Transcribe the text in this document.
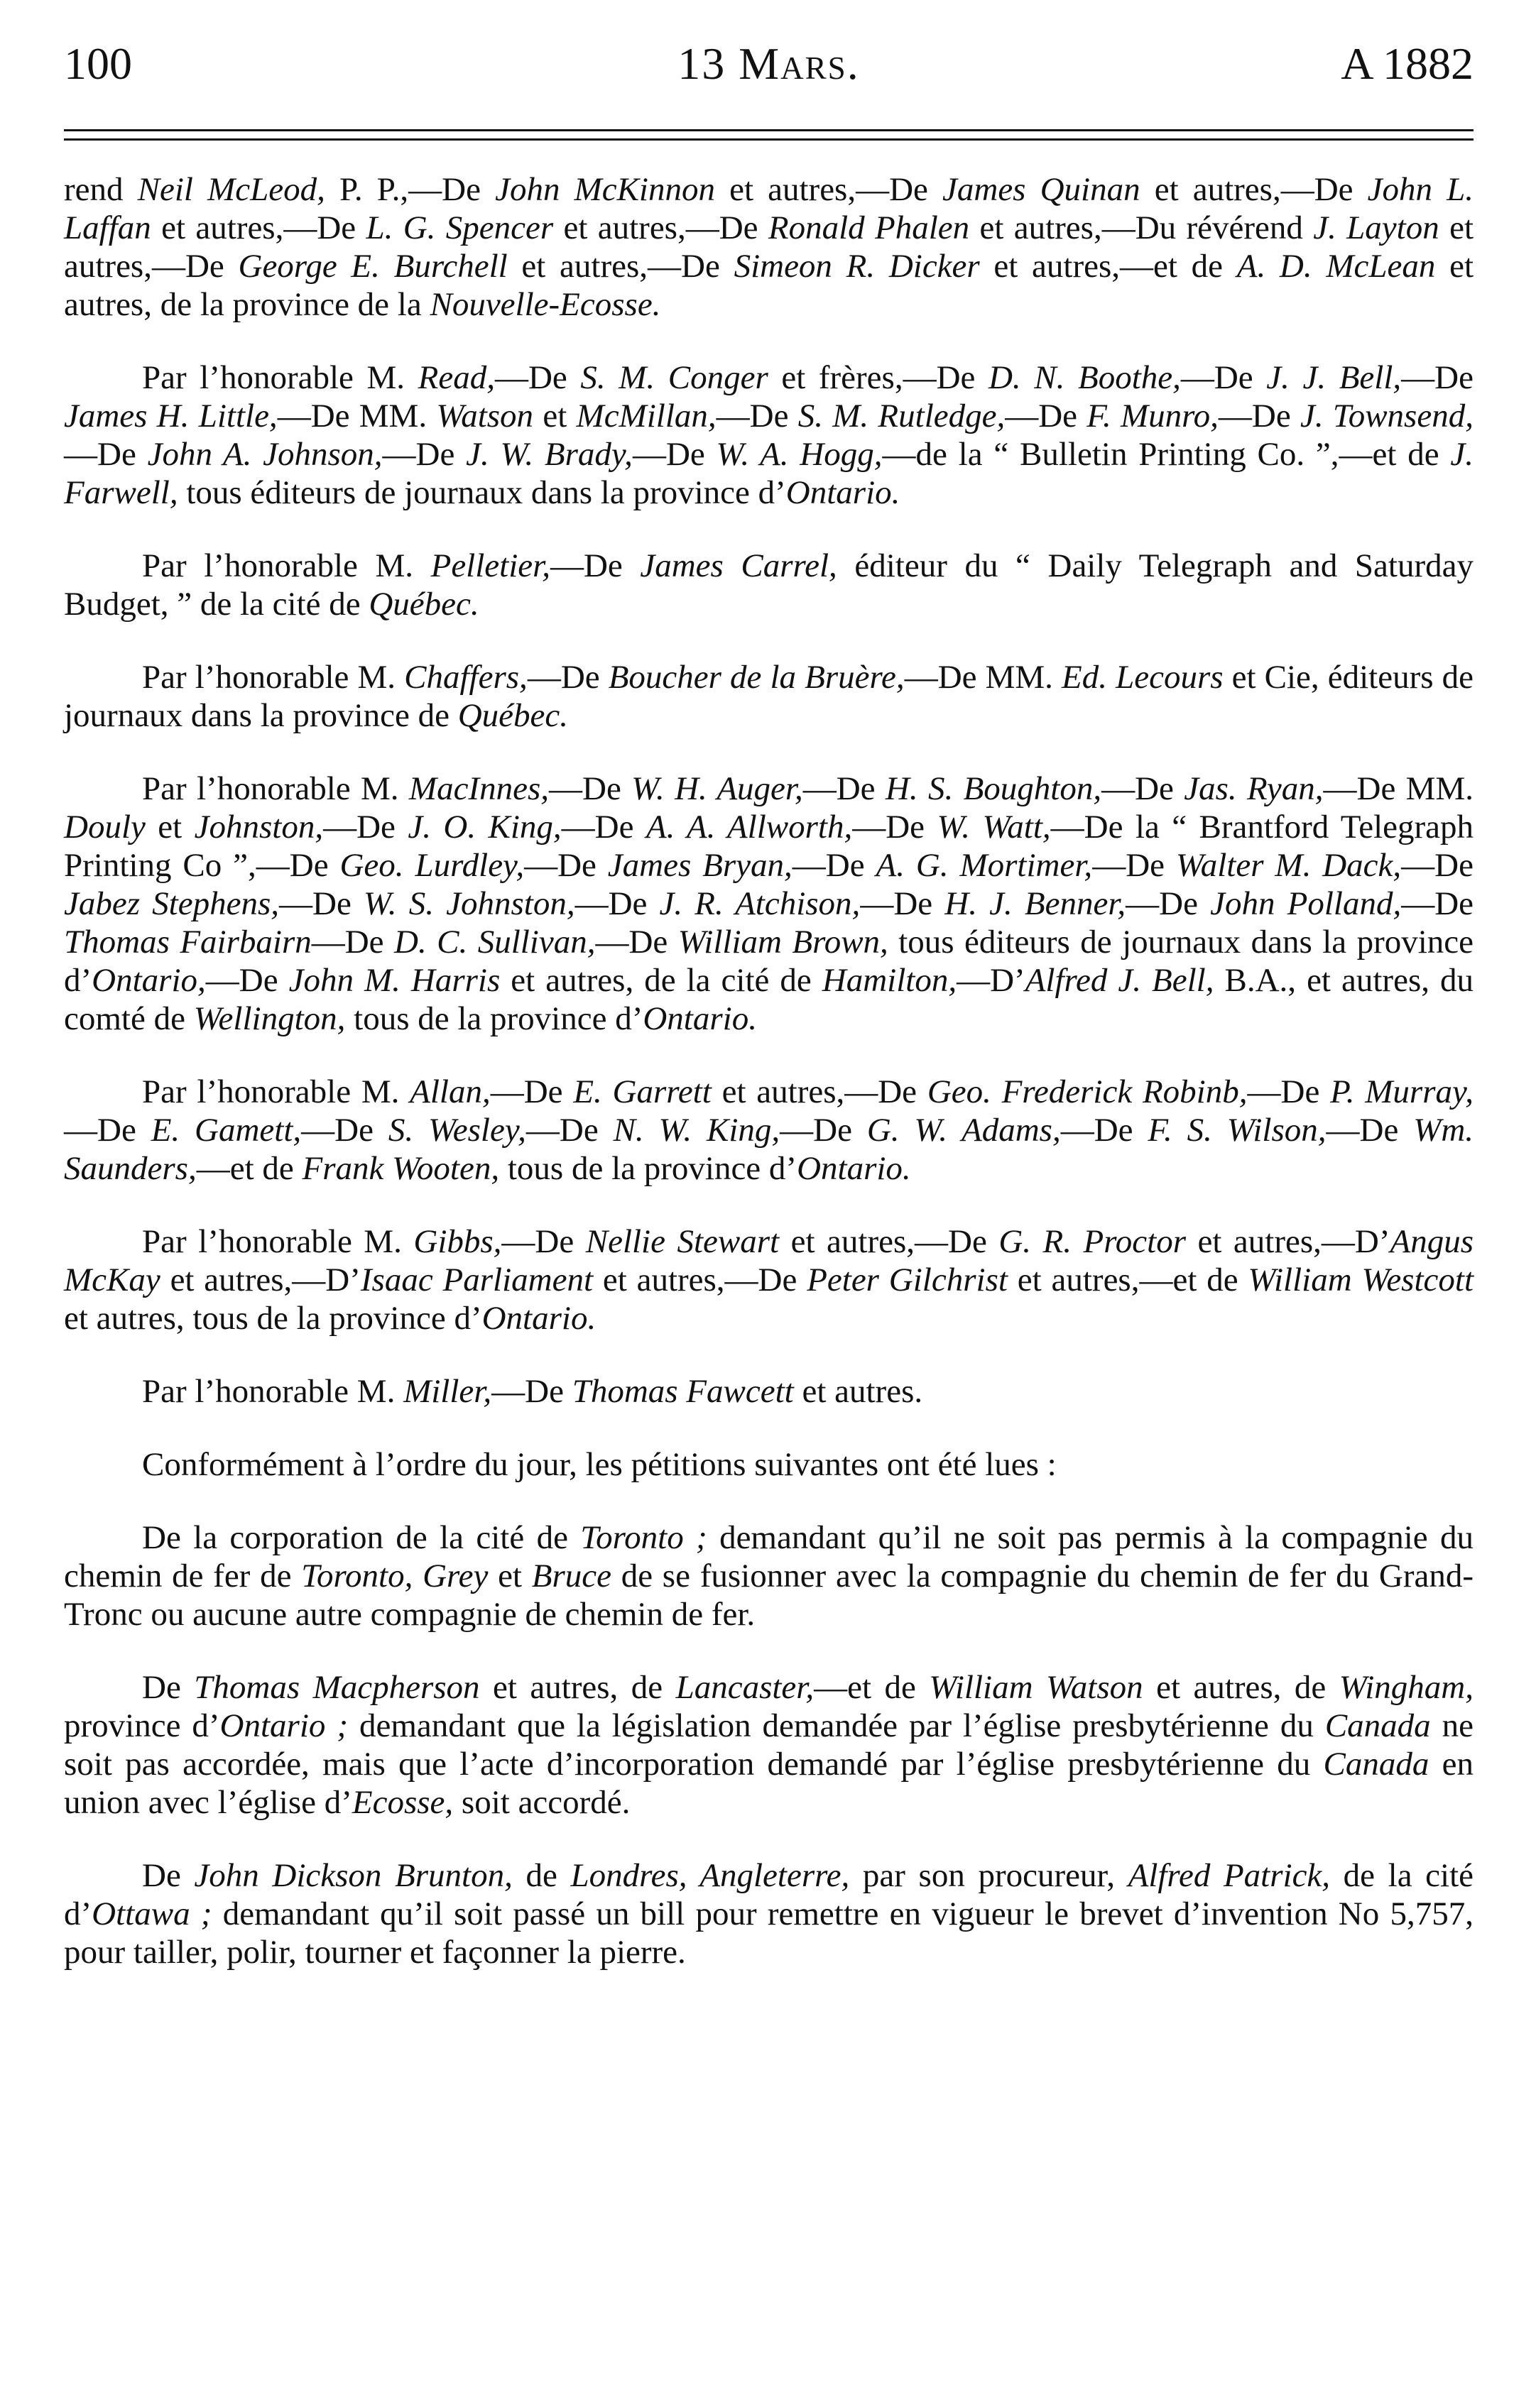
100	13 Mars.	A 1882

rend Neil McLeod, P. P.,—De John McKinnon et autres,—De James Quinan et autres,—De John L. Laffan et autres,—De L. G. Spencer et autres,—De Ronald Phalen et autres,—Du révérend J. Layton et autres,—De George E. Burchell et autres,—De Simeon R. Dicker et autres,—et de A. D. McLean et autres, de la province de la Nouvelle-Ecosse.

Par l’honorable M. Read,—De S. M. Conger et frères,—De D. N. Boothe,—De J. J. Bell,—De James H. Little,—De MM. Watson et McMillan,—De S. M. Rutledge,—De F. Munro,—De J. Townsend,—De John A. Johnson,—De J. W. Brady,—De W. A. Hogg,—de la “ Bulletin Printing Co. ”,—et de J. Farwell, tous éditeurs de journaux dans la province d’Ontario.

Par l’honorable M. Pelletier,—De James Carrel, éditeur du “ Daily Telegraph and Saturday Budget, ” de la cité de Québec.

Par l’honorable M. Chaffers,—De Boucher de la Bruère,—De MM. Ed. Lecours et Cie, éditeurs de journaux dans la province de Québec.

Par l’honorable M. MacInnes,—De W. H. Auger,—De H. S. Boughton,—De Jas. Ryan,—De MM. Douly et Johnston,—De J. O. King,—De A. A. Allworth,—De W. Watt,—De la “ Brantford Telegraph Printing Co ”,—De Geo. Lurdley,—De James Bryan,—De A. G. Mortimer,—De Walter M. Dack,—De Jabez Stephens,—De W. S. Johnston,—De J. R. Atchison,—De H. J. Benner,—De John Polland,—De Thomas Fairbairn—De D. C. Sullivan,—De William Brown, tous éditeurs de journaux dans la province d’Ontario,—De John M. Harris et autres, de la cité de Hamilton,—D’Alfred J. Bell, B.A., et autres, du comté de Wellington, tous de la province d’Ontario.

Par l’honorable M. Allan,—De E. Garrett et autres,—De Geo. Frederick Robinb,—De P. Murray,—De E. Gamett,—De S. Wesley,—De N. W. King,—De G. W. Adams,—De F. S. Wilson,—De Wm. Saunders,—et de Frank Wooten, tous de la province d’Ontario.

Par l’honorable M. Gibbs,—De Nellie Stewart et autres,—De G. R. Proctor et autres,—D’Angus McKay et autres,—D’Isaac Parliament et autres,—De Peter Gilchrist et autres,—et de William Westcott et autres, tous de la province d’Ontario.

Par l’honorable M. Miller,—De Thomas Fawcett et autres.

Conformément à l’ordre du jour, les pétitions suivantes ont été lues :

De la corporation de la cité de Toronto ; demandant qu’il ne soit pas permis à la compagnie du chemin de fer de Toronto, Grey et Bruce de se fusionner avec la compagnie du chemin de fer du Grand-Tronc ou aucune autre compagnie de chemin de fer.

De Thomas Macpherson et autres, de Lancaster,—et de William Watson et autres, de Wingham, province d’Ontario ; demandant que la législation demandée par l’église presbytérienne du Canada ne soit pas accordée, mais que l’acte d’incorporation demandé par l’église presbytérienne du Canada en union avec l’église d’Ecosse, soit accordé.

De John Dickson Brunton, de Londres, Angleterre, par son procureur, Alfred Patrick, de la cité d’Ottawa ; demandant qu’il soit passé un bill pour remettre en vigueur le brevet d’invention No 5,757, pour tailler, polir, tourner et façonner la pierre.
